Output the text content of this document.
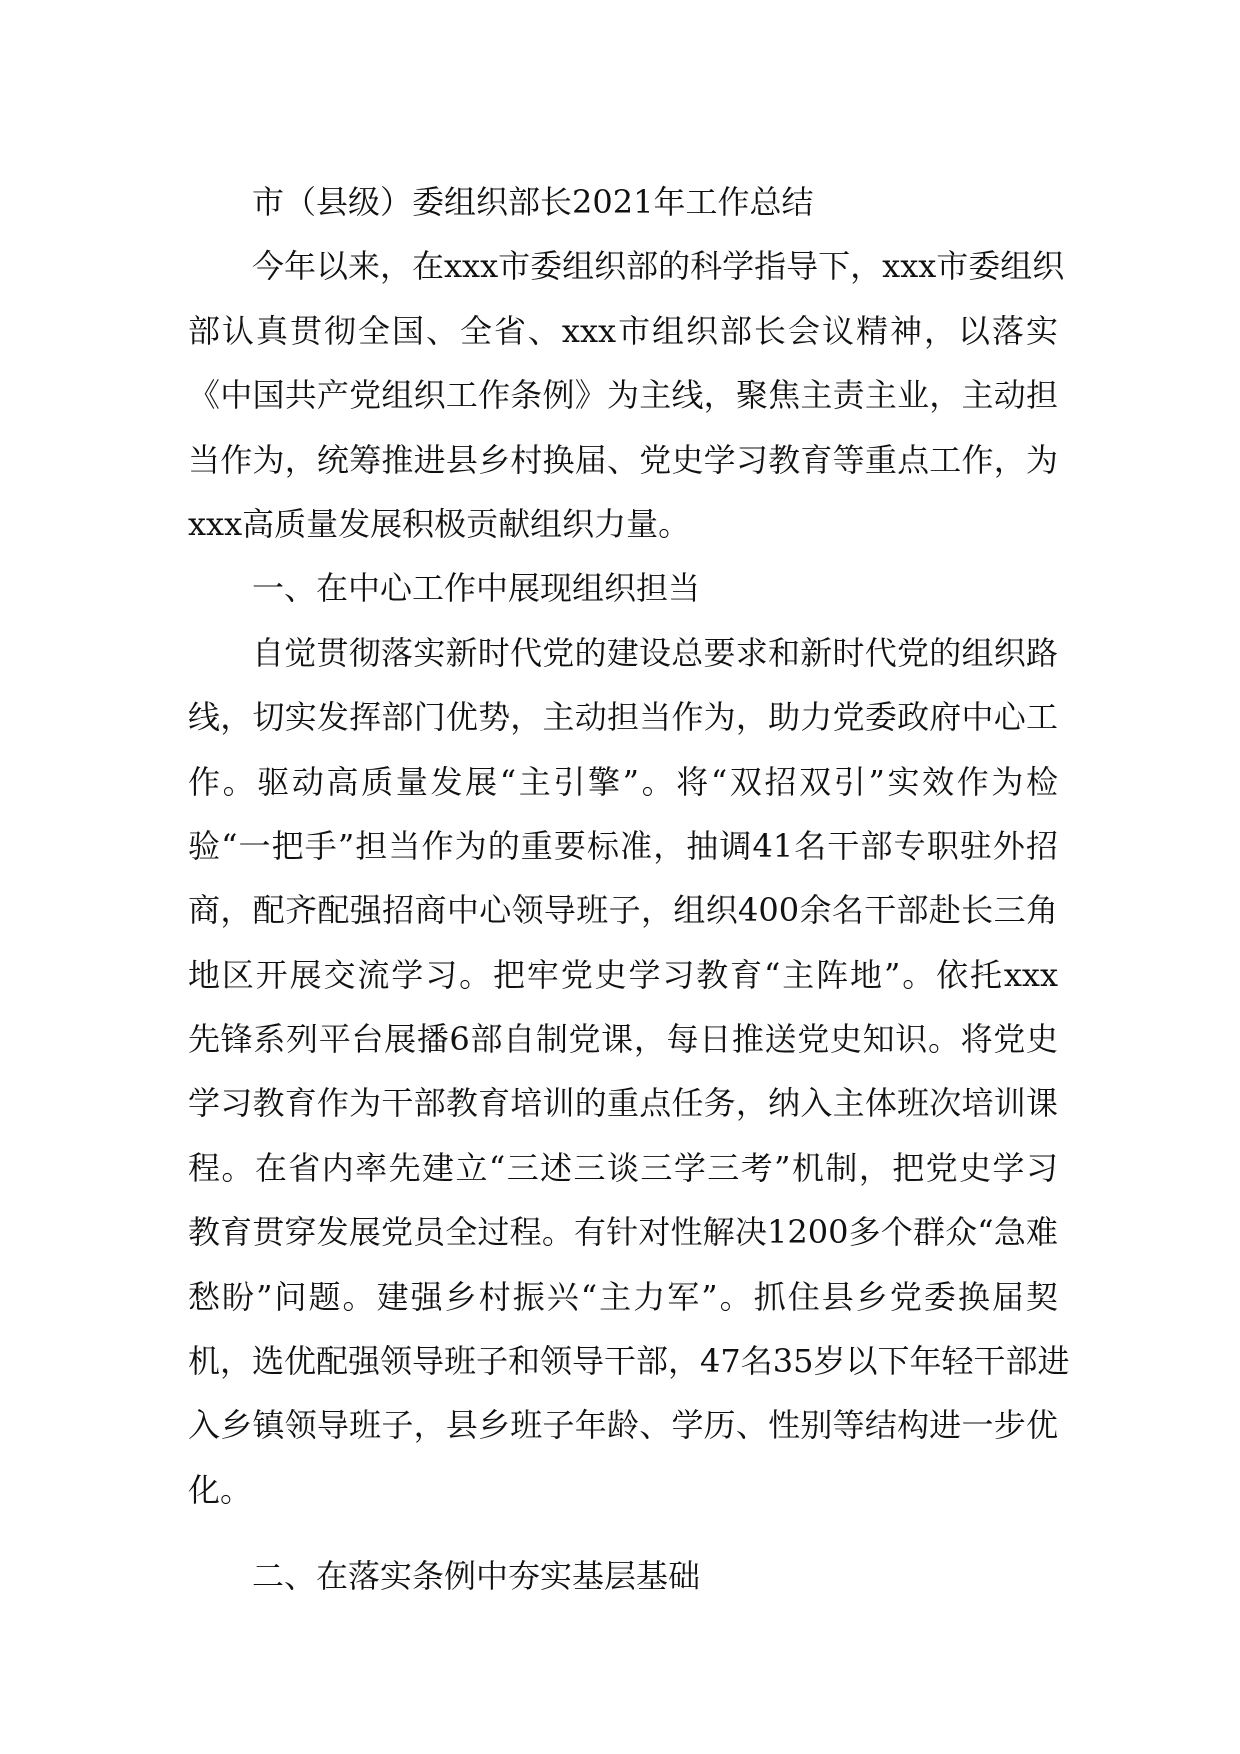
市（县级）委组织部长2021年工作总结
今年以来，在xxx市委组织部的科学指导下，xxx市委组织
部认真贯彻全国、全省、xxx市组织部长会议精神，以落实
《中国共产党组织工作条例》为主线，聚焦主责主业，主动担
当作为，统筹推进县乡村换届、党史学习教育等重点工作，为
xxx高质量发展积极贡献组织力量。
一、在中心工作中展现组织担当
自觉贯彻落实新时代党的建设总要求和新时代党的组织路
线，切实发挥部门优势，主动担当作为，助力党委政府中心工
作。驱动高质量发展“主引擎”。将“双招双引”实效作为检
验“一把手”担当作为的重要标准，抽调41名干部专职驻外招
商，配齐配强招商中心领导班子，组织400余名干部赴长三角
地区开展交流学习。把牢党史学习教育“主阵地”。依托xxx
先锋系列平台展播6部自制党课，每日推送党史知识。将党史
学习教育作为干部教育培训的重点任务，纳入主体班次培训课
程。在省内率先建立“三述三谈三学三考”机制，把党史学习
教育贯穿发展党员全过程。有针对性解决1200多个群众“急难
愁盼”问题。建强乡村振兴“主力军”。抓住县乡党委换届契
机，选优配强领导班子和领导干部，47名35岁以下年轻干部进
入乡镇领导班子，县乡班子年龄、学历、性别等结构进一步优
化。
二、在落实条例中夯实基层基础
